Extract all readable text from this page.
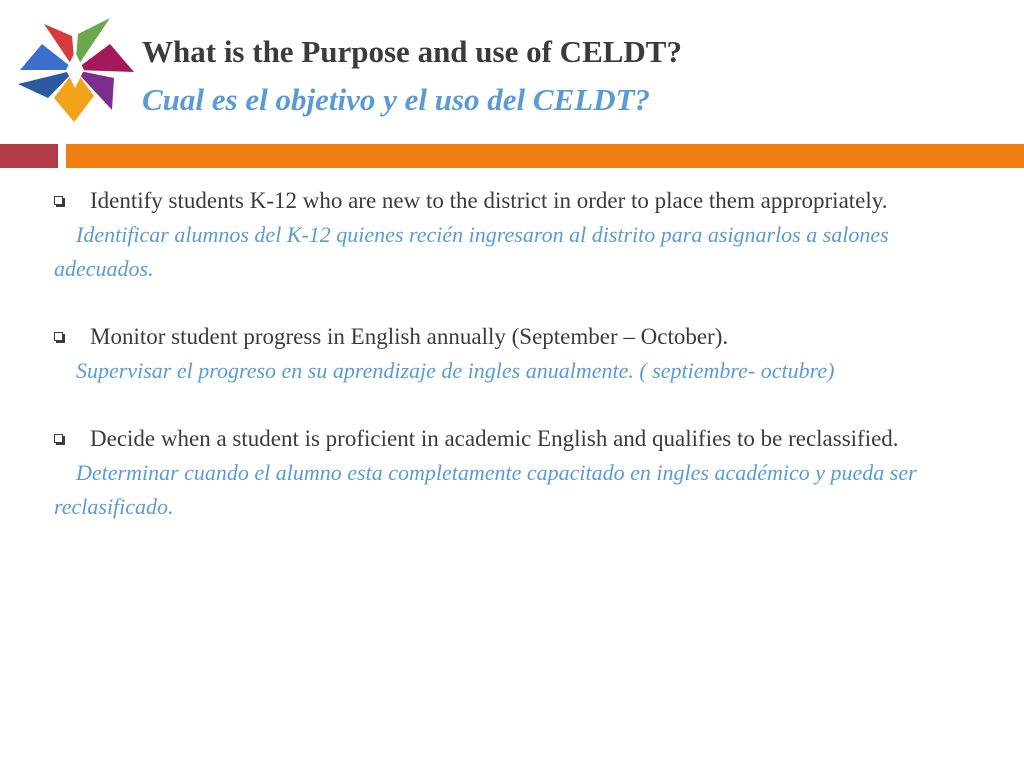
What is the Purpose and use of CELDT?
Cual es el objetivo y el uso del CELDT?
Identify students K-12 who are new to the district in order to place them appropriately.
Identificar alumnos del K-12 quienes recién ingresaron al distrito para asignarlos a salones adecuados.
Monitor student progress in English annually (September – October).
Supervisar el progreso en su aprendizaje de ingles anualmente. ( septiembre- octubre)
Decide when a student is proficient in academic English and qualifies to be reclassified.
Determinar cuando el alumno esta completamente capacitado en ingles académico y pueda ser reclasificado.
